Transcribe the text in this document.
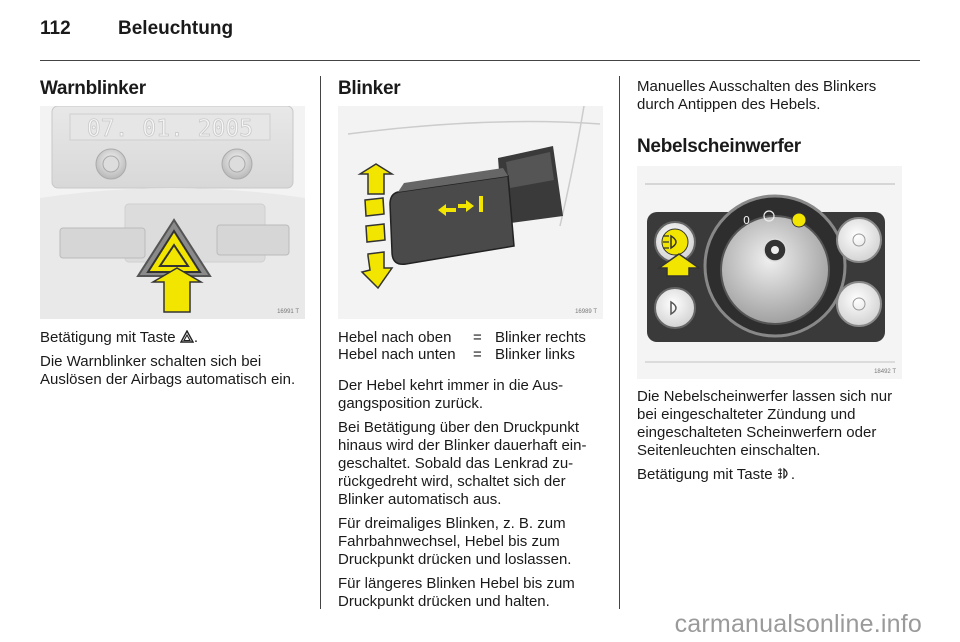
112 Beleuchtung
Warnblinker
07. 01. 2005
16991 T

Betätigung mit Taste .

Die Warnblinker schalten sich bei Auslösen der Airbags automatisch ein.

Blinker
16989 T
Hebel nach oben	=	Blinker rechts
Hebel nach unten	=	Blinker links

Der Hebel kehrt immer in die Aus-gangsposition zurück.

Bei Betätigung über den Druckpunkt hinaus wird der Blinker dauerhaft ein-geschaltet. Sobald das Lenkrad zu-rückgedreht wird, schaltet sich der Blinker automatisch aus.

Für dreimaliges Blinken, z. B. zum Fahrbahnwechsel, Hebel bis zum Druckpunkt drücken und loslassen.

Für längeres Blinken Hebel bis zum Druckpunkt drücken und halten.

Manuelles Ausschalten des Blinkers durch Antippen des Hebels.
Nebelscheinwerfer
0
18492 T

Die Nebelscheinwerfer lassen sich nur bei eingeschalteter Zündung und eingeschalteten Scheinwerfern oder Seitenleuchten einschalten.

Betätigung mit Taste .

carmanualsonline.info
